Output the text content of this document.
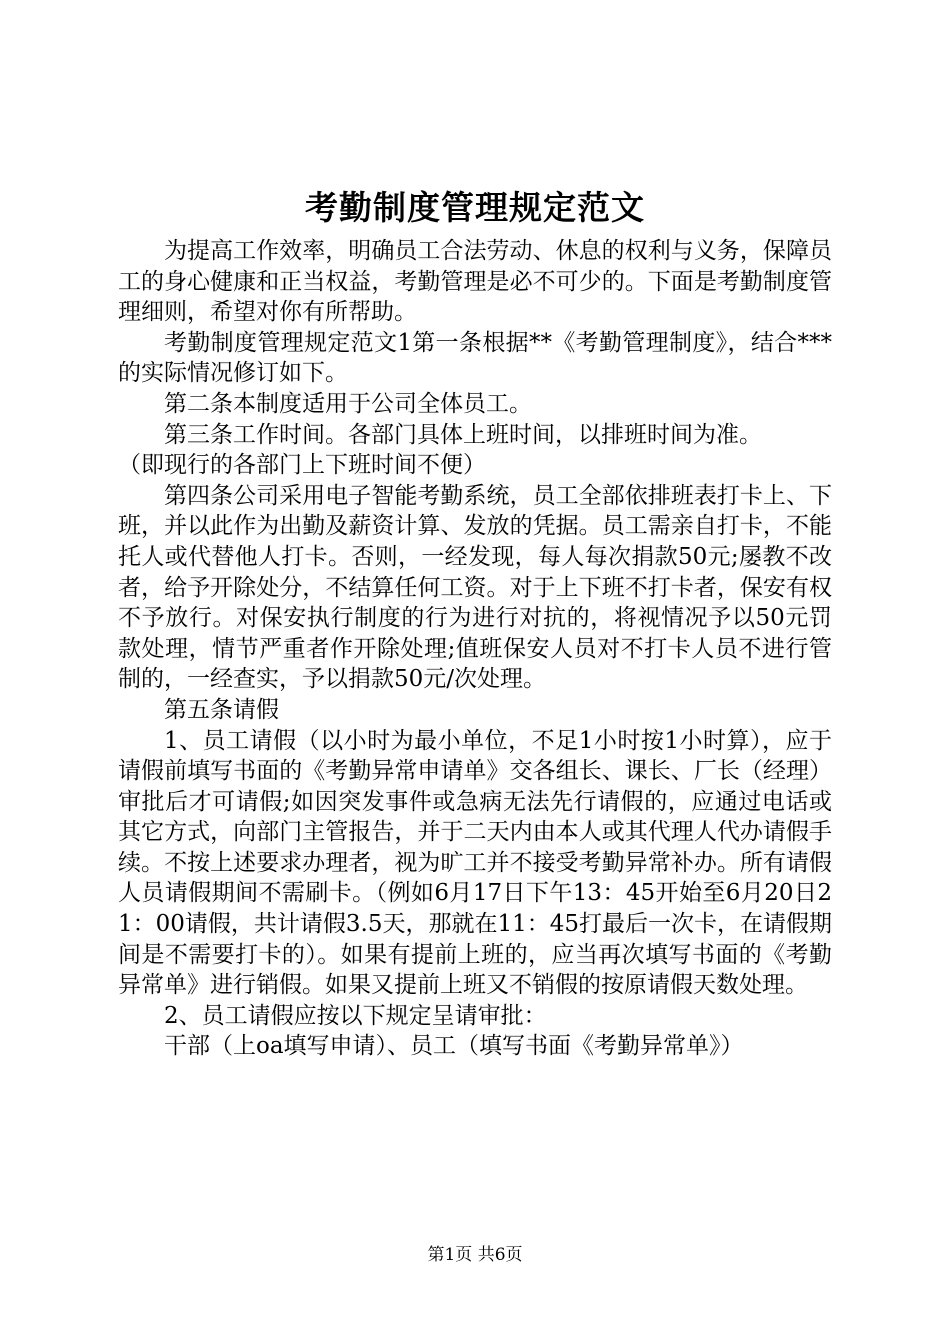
考勤制度管理规定范文

为提高工作效率，明确员工合法劳动、休息的权利与义务，保障员工的身心健康和正当权益，考勤管理是必不可少的。下面是考勤制度管理细则，希望对你有所帮助。

考勤制度管理规定范文1第一条根据**《考勤管理制度》，结合***的实际情况修订如下。

第二条本制度适用于公司全体员工。

第三条工作时间。各部门具体上班时间，以排班时间为准。

（即现行的各部门上下班时间不便）

第四条公司采用电子智能考勤系统，员工全部依排班表打卡上、下班，并以此作为出勤及薪资计算、发放的凭据。员工需亲自打卡，不能托人或代替他人打卡。否则，一经发现，每人每次捐款50元;屡教不改者，给予开除处分，不结算任何工资。对于上下班不打卡者，保安有权不予放行。对保安执行制度的行为进行对抗的，将视情况予以50元罚款处理，情节严重者作开除处理;值班保安人员对不打卡人员不进行管制的，一经查实，予以捐款50元/次处理。

第五条请假

1、员工请假（以小时为最小单位，不足1小时按1小时算），应于请假前填写书面的《考勤异常申请单》交各组长、课长、厂长（经理）审批后才可请假;如因突发事件或急病无法先行请假的，应通过电话或其它方式，向部门主管报告，并于二天内由本人或其代理人代办请假手续。不按上述要求办理者，视为旷工并不接受考勤异常补办。所有请假人员请假期间不需刷卡。（例如6月17日下午13：45开始至6月20日21：00请假，共计请假3.5天，那就在11：45打最后一次卡，在请假期间是不需要打卡的）。如果有提前上班的，应当再次填写书面的《考勤异常单》进行销假。如果又提前上班又不销假的按原请假天数处理。

2、员工请假应按以下规定呈请审批：

干部（上oa填写申请）、员工（填写书面《考勤异常单》）

第1页 共6页
